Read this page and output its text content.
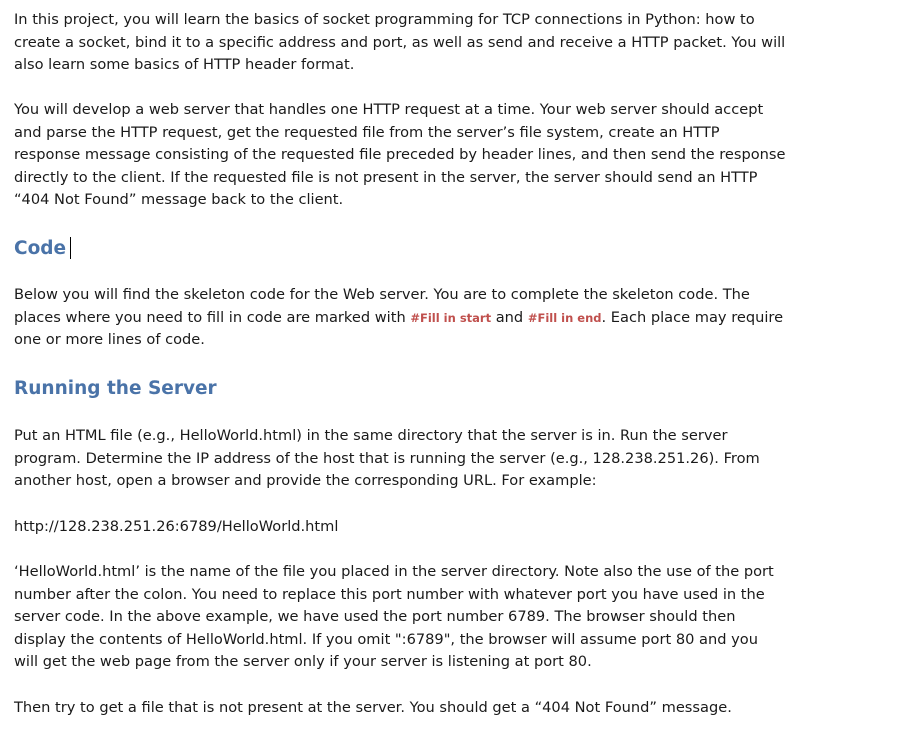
In this project, you will learn the basics of socket programming for TCP connections in Python: how to
create a socket, bind it to a specific address and port, as well as send and receive a HTTP packet. You will
also learn some basics of HTTP header format.

You will develop a web server that handles one HTTP request at a time. Your web server should accept
and parse the HTTP request, get the requested file from the server’s file system, create an HTTP
response message consisting of the requested file preceded by header lines, and then send the response
directly to the client. If the requested file is not present in the server, the server should send an HTTP
“404 Not Found” message back to the client.

Code

Below you will find the skeleton code for the Web server. You are to complete the skeleton code. The
places where you need to fill in code are marked with #Fill in start and #Fill in end. Each place may require
one or more lines of code.

Running the Server

Put an HTML file (e.g., HelloWorld.html) in the same directory that the server is in. Run the server
program. Determine the IP address of the host that is running the server (e.g., 128.238.251.26). From
another host, open a browser and provide the corresponding URL. For example:

http://128.238.251.26:6789/HelloWorld.html

‘HelloWorld.html’ is the name of the file you placed in the server directory. Note also the use of the port
number after the colon. You need to replace this port number with whatever port you have used in the
server code. In the above example, we have used the port number 6789. The browser should then
display the contents of HelloWorld.html. If you omit ":6789", the browser will assume port 80 and you
will get the web page from the server only if your server is listening at port 80.

Then try to get a file that is not present at the server. You should get a “404 Not Found” message.
